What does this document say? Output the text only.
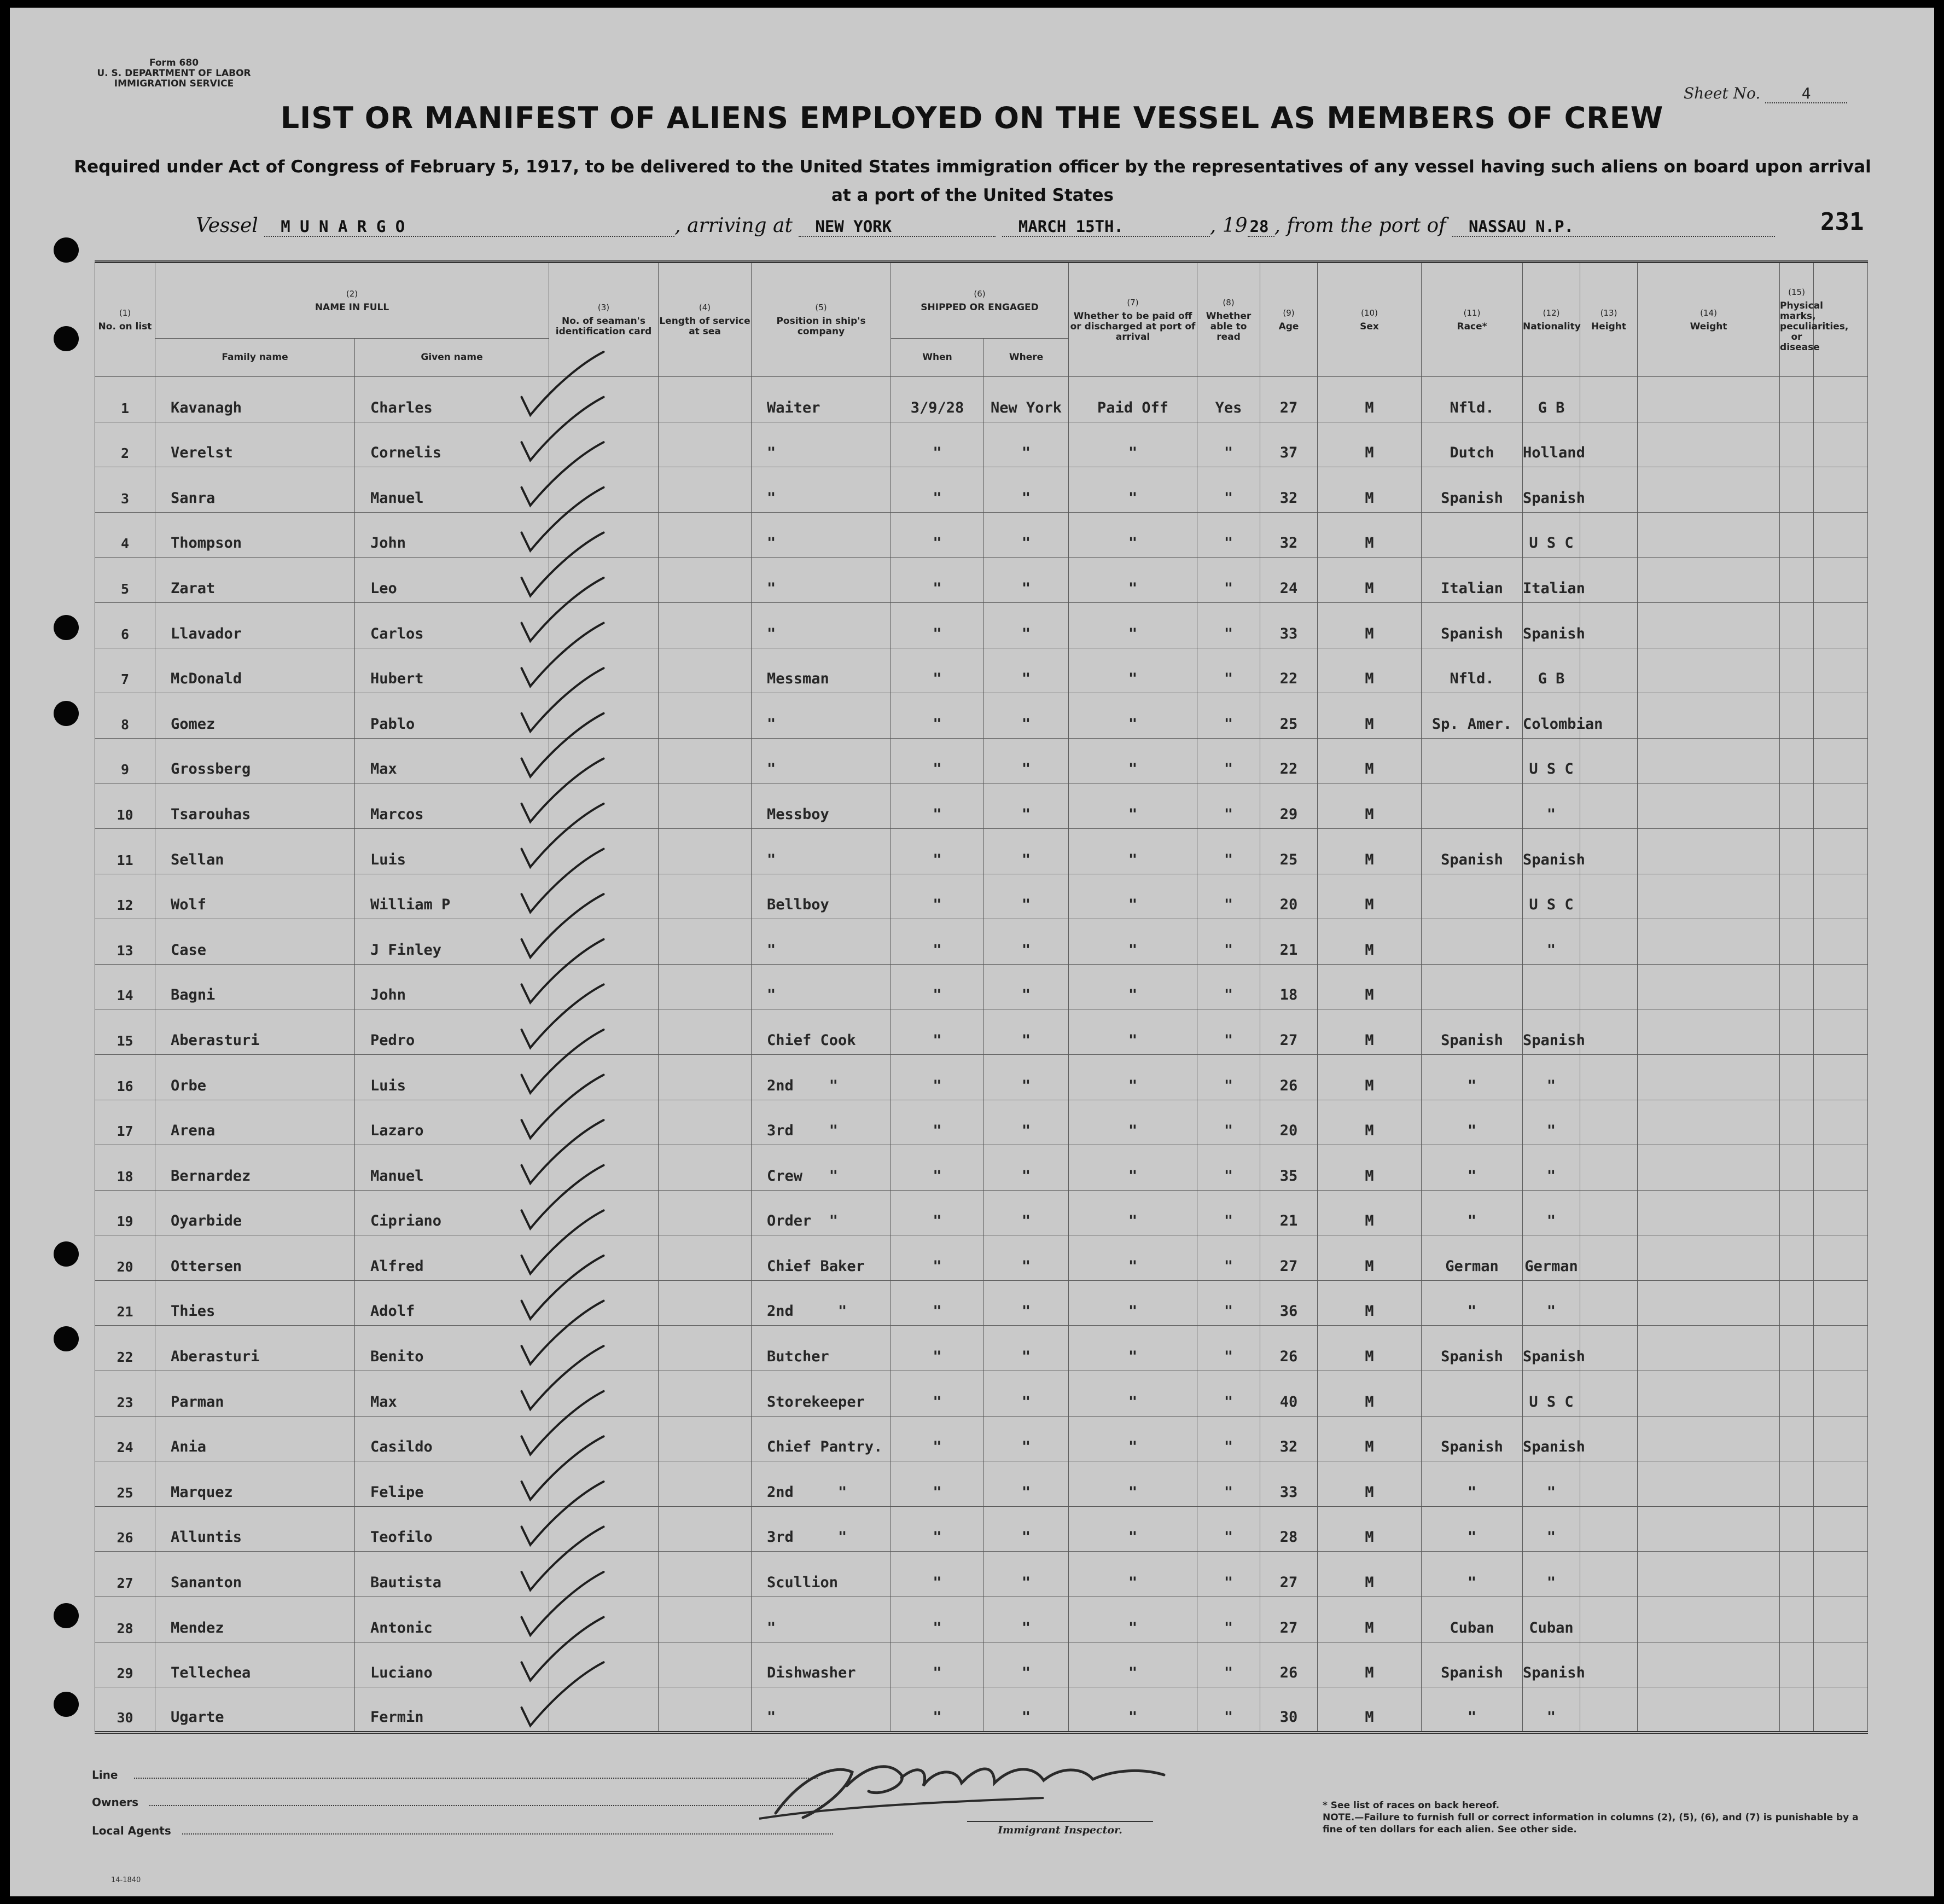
Form 680
U. S. DEPARTMENT OF LABOR
IMMIGRATION SERVICE
Sheet No.	4
LIST OR MANIFEST OF ALIENS EMPLOYED ON THE VESSEL AS MEMBERS OF CREW
Required under Act of Congress of February 5, 1917, to be delivered to the United States immigration officer by the representatives of any vessel having such aliens on board upon arrival at a port of the United States
Vessel M U N A R G O	, arriving at NEW YORK	MARCH 15TH.	, 19 28 , from the port of NASSAU N.P.	231
(1)
No. on list	(2)
NAME IN FULL		(3)
No. of seaman's identification card	(4)
Length of service at sea	(5)
Position in ship's company	(6)
SHIPPED OR ENGAGED		(7)
Whether to be paid off or discharged at port of arrival	(8)
Whether able to read	(9)
Age	(10)
Sex	(11)
Race*	(12)
Nationality	(13)
Height	(14)
Weight	(15)
Physical marks, peculiarities, or disease	
	Family name	Given name				When	Where										
1	Kavanagh	Charles			Waiter	3/9/28	New York	Paid Off	Yes	27	M	Nfld.	G B				
2	Verelst	Cornelis			"	"	"	"	"	37	M	Dutch	Holland				
3	Sanra	Manuel			"	"	"	"	"	32	M	Spanish	Spanish				
4	Thompson	John			"	"	"	"	"	32	M		U S C				
5	Zarat	Leo			"	"	"	"	"	24	M	Italian	Italian				
6	Llavador	Carlos			"	"	"	"	"	33	M	Spanish	Spanish				
7	McDonald	Hubert			Messman	"	"	"	"	22	M	Nfld.	G B				
8	Gomez	Pablo			"	"	"	"	"	25	M	Sp. Amer.	Colombian				
9	Grossberg	Max			"	"	"	"	"	22	M		U S C				
10	Tsarouhas	Marcos			Messboy	"	"	"	"	29	M		"				
11	Sellan	Luis			"	"	"	"	"	25	M	Spanish	Spanish				
12	Wolf	William P			Bellboy	"	"	"	"	20	M		U S C				
13	Case	J Finley			"	"	"	"	"	21	M		"				
14	Bagni	John			"	"	"	"	"	18	M						
15	Aberasturi	Pedro			Chief Cook	"	"	"	"	27	M	Spanish	Spanish				
16	Orbe	Luis			2nd    "	"	"	"	"	26	M	"	"				
17	Arena	Lazaro			3rd    "	"	"	"	"	20	M	"	"				
18	Bernardez	Manuel			Crew   "	"	"	"	"	35	M	"	"				
19	Oyarbide	Cipriano			Order  "	"	"	"	"	21	M	"	"				
20	Ottersen	Alfred			Chief Baker	"	"	"	"	27	M	German	German				
21	Thies	Adolf			2nd     "	"	"	"	"	36	M	"	"				
22	Aberasturi	Benito			Butcher	"	"	"	"	26	M	Spanish	Spanish				
23	Parman	Max			Storekeeper	"	"	"	"	40	M		U S C				
24	Ania	Casildo			Chief Pantry.	"	"	"	"	32	M	Spanish	Spanish				
25	Marquez	Felipe			2nd     "	"	"	"	"	33	M	"	"				
26	Alluntis	Teofilo			3rd     "	"	"	"	"	28	M	"	"				
27	Sananton	Bautista			Scullion	"	"	"	"	27	M	"	"				
28	Mendez	Antonic			"	"	"	"	"	27	M	Cuban	Cuban				
29	Tellechea	Luciano			Dishwasher	"	"	"	"	26	M	Spanish	Spanish				
30	Ugarte	Fermin			"	"	"	"	"	30	M	"	"				
Line
Owners
Local Agents
14-1840
Immigrant Inspector.
* See list of races on back hereof.
NOTE.—Failure to furnish full or correct information in columns (2), (5), (6), and (7) is punishable by a fine of ten dollars for each alien. See other side.
